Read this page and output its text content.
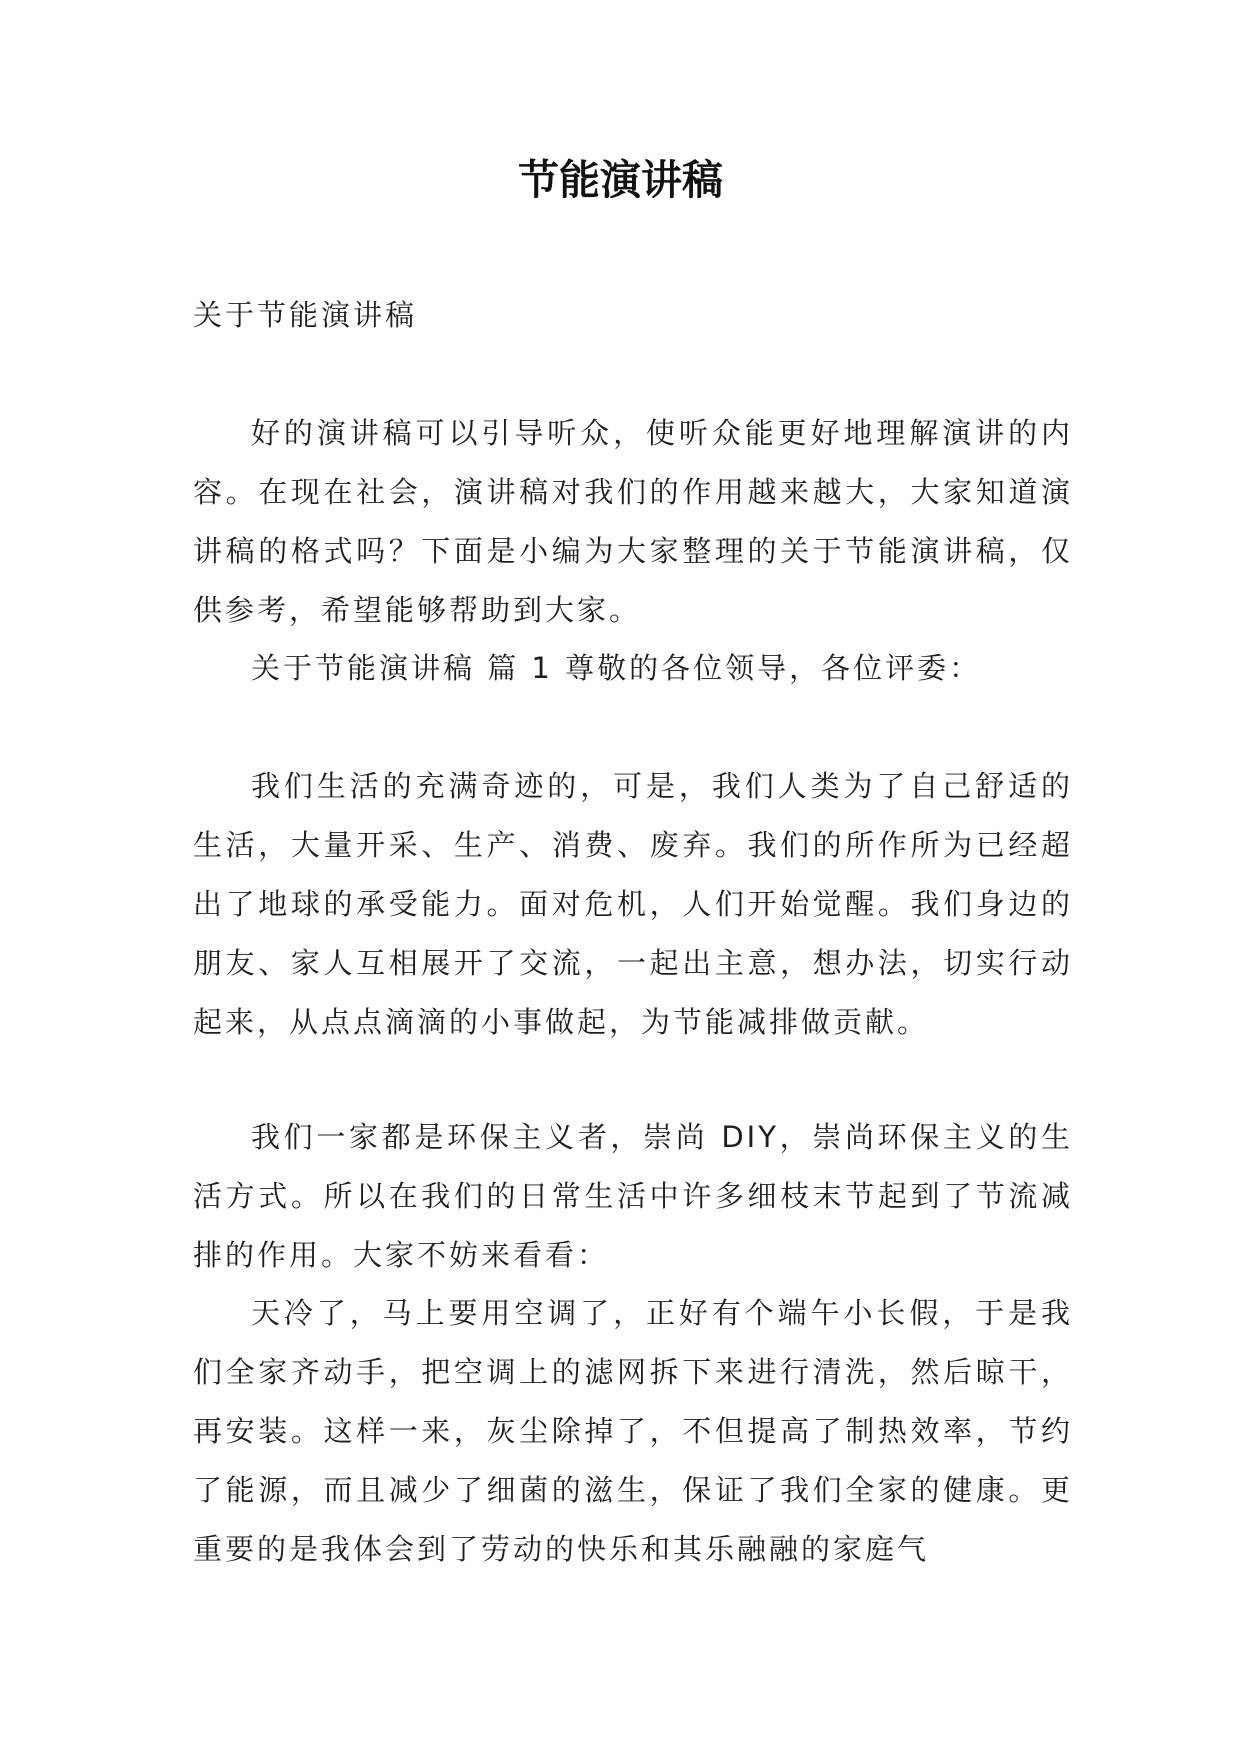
节能演讲稿
关于节能演讲稿

好的演讲稿可以引导听众，使听众能更好地理解演讲的内容。在现在社会，演讲稿对我们的作用越来越大，大家知道演讲稿的格式吗？下面是小编为大家整理的关于节能演讲稿，仅供参考，希望能够帮助到大家。

关于节能演讲稿 篇 1 尊敬的各位领导，各位评委：

我们生活的充满奇迹的，可是，我们人类为了自己舒适的生活，大量开采、生产、消费、废弃。我们的所作所为已经超出了地球的承受能力。面对危机，人们开始觉醒。我们身边的朋友、家人互相展开了交流，一起出主意，想办法，切实行动起来，从点点滴滴的小事做起，为节能减排做贡献。

我们一家都是环保主义者，崇尚 DIY，崇尚环保主义的生活方式。所以在我们的日常生活中许多细枝末节起到了节流减排的作用。大家不妨来看看：

天冷了，马上要用空调了，正好有个端午小长假，于是我们全家齐动手，把空调上的滤网拆下来进行清洗，然后晾干，再安装。这样一来，灰尘除掉了，不但提高了制热效率，节约了能源，而且减少了细菌的滋生，保证了我们全家的健康。更重要的是我体会到了劳动的快乐和其乐融融的家庭气
